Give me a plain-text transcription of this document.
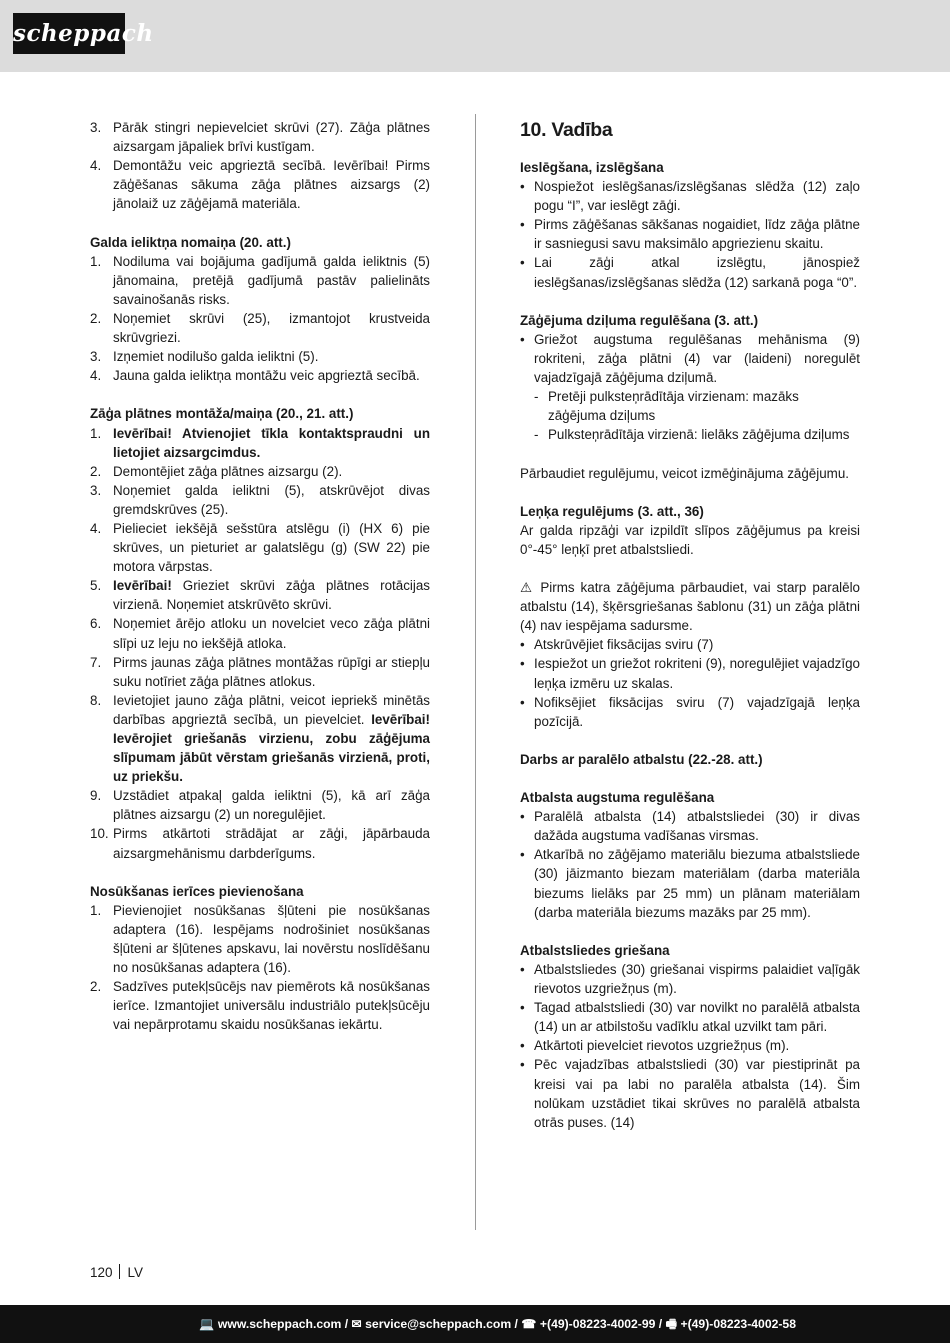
scheppach
3. Pārāk stingri nepievelciet skrūvi (27). Zāģa plātnes aizsargam jāpaliek brīvi kustīgam.
4. Demontāžu veic apgrieztā secībā. Ievērībai! Pirms zāģēšanas sākuma zāģa plātnes aizsargs (2) jānolaiž uz zāģējamā materiāla.
Galda ieliktņa nomaiņa (20. att.)
1. Nodiluma vai bojājuma gadījumā galda ieliktnis (5) jānomaina, pretējā gadījumā pastāv palielināts savainošanās risks.
2. Noņemiet skrūvi (25), izmantojot krustveida skrūvgriezi.
3. Izņemiet nodilušo galda ieliktni (5).
4. Jauna galda ieliktņa montāžu veic apgrieztā secībā.
Zāģa plātnes montāža/maiņa (20., 21. att.)
1. Ievērībai! Atvienojiet tīkla kontaktspraudni un lietojiet aizsargcimdus.
2. Demontējiet zāģa plātnes aizsargu (2).
3. Noņemiet galda ieliktni (5), atskrūvējot divas gremdskrūves (25).
4. Pielieciet iekšējā sešstūra atslēgu (i) (HX 6) pie skrūves, un pieturiet ar galatslēgu (g) (SW 22) pie motora vārpstas.
5. Ievērībai! Grieziet skrūvi zāģa plātnes rotācijas virzienā. Noņemiet atskrūvēto skrūvi.
6. Noņemiet ārējo atloku un novelciet veco zāģa plātni slīpi uz leju no iekšējā atloka.
7. Pirms jaunas zāģa plātnes montāžas rūpīgi ar stiepļu suku notīriet zāģa plātnes atlokus.
8. Ievietojiet jauno zāģa plātni, veicot iepriekš minētās darbības apgrieztā secībā, un pievelciet. Ievērībai! Ievērojiet griešanās virzienu, zobu zāģējuma slīpumam jābūt vērstam griešanās virzienā, proti, uz priekšu.
9. Uzstādiet atpakaļ galda ieliktni (5), kā arī zāģa plātnes aizsargu (2) un noregulējiet.
10. Pirms atkārtoti strādājat ar zāģi, jāpārbauda aizsargmehānismu darbderīgums.
Nosūkšanas ierīces pievienošana
1. Pievienojiet nosūkšanas šļūteni pie nosūkšanas adaptera (16). Iespējams nodrošiniet nosūkšanas šļūteni ar šļūtenes apskavu, lai novērstu noslīdēšanu no nosūkšanas adaptera (16).
2. Sadzīves putekļsūcējs nav piemērots kā nosūkšanas ierīce. Izmantojiet universālu industriālo putekļsūcēju vai nepārprotamu skaidu nosūkšanas iekārtu.
10. Vadība
Ieslēgšana, izslēgšana
• Nospiežot ieslēgšanas/izslēgšanas slēdža (12) zaļo pogu “I”, var ieslēgt zāģi.
• Pirms zāģēšanas sākšanas nogaidiet, līdz zāģa plātne ir sasniegusi savu maksimālo apgriezienu skaitu.
• Lai zāģi atkal izslēgtu, jānospiež ieslēgšanas/izslēgšanas slēdža (12) sarkanā poga “0”.
Zāģējuma dziļuma regulēšana (3. att.)
• Griežot augstuma regulēšanas mehānisma (9) rokriteni, zāģa plātni (4) var (laideni) noregulēt vajadzīgajā zāģējuma dziļumā.
- Pretēji pulksteņrādītāja virzienam: mazāks zāģējuma dziļums
- Pulksteņrādītāja virzienā: lielāks zāģējuma dziļums

Pārbaudiet regulējumu, veicot izmēģinājuma zāģējumu.

Leņķa regulējums (3. att., 36)

Ar galda ripzāģi var izpildīt slīpos zāģējumus pa kreisi 0°-45° leņķī pret atbalstsliedi.

⚠ Pirms katra zāģējuma pārbaudiet, vai starp paralēlo atbalstu (14), šķērsgriešanas šablonu (31) un zāģa plātni (4) nav iespējama sadursme.

• Atskrūvējiet fiksācijas sviru (7)
• Iespiežot un griežot rokriteni (9), noregulējiet vajadzīgo leņķa izmēru uz skalas.
• Nofiksējiet fiksācijas sviru (7) vajadzīgajā leņķa pozīcijā.
Darbs ar paralēlo atbalstu (22.-28. att.)
Atbalsta augstuma regulēšana
• Paralēlā atbalsta (14) atbalstsliedei (30) ir divas dažāda augstuma vadīšanas virsmas.
• Atkarībā no zāģējamo materiālu biezuma atbalstsliede (30) jāizmanto biezam materiālam (darba materiāla biezums lielāks par 25 mm) un plānam materiālam (darba materiāla biezums mazāks par 25 mm).
Atbalstsliedes griešana
• Atbalstsliedes (30) griešanai vispirms palaidiet vaļīgāk rievotos uzgriežņus (m).
• Tagad atbalstsliedi (30) var novilkt no paralēlā atbalsta (14) un ar atbilstošu vadīklu atkal uzvilkt tam pāri.
• Atkārtoti pievelciet rievotos uzgriežņus (m).
• Pēc vajadzības atbalstsliedi (30) var piestiprināt pa kreisi vai pa labi no paralēla atbalsta (14). Šim nolūkam uzstādiet tikai skrūves no paralēlā atbalsta otrās puses. (14)
120 LV
💻 www.scheppach.com / ✉ service@scheppach.com / ☎ +(49)-08223-4002-99 / 🖷 +(49)-08223-4002-58
